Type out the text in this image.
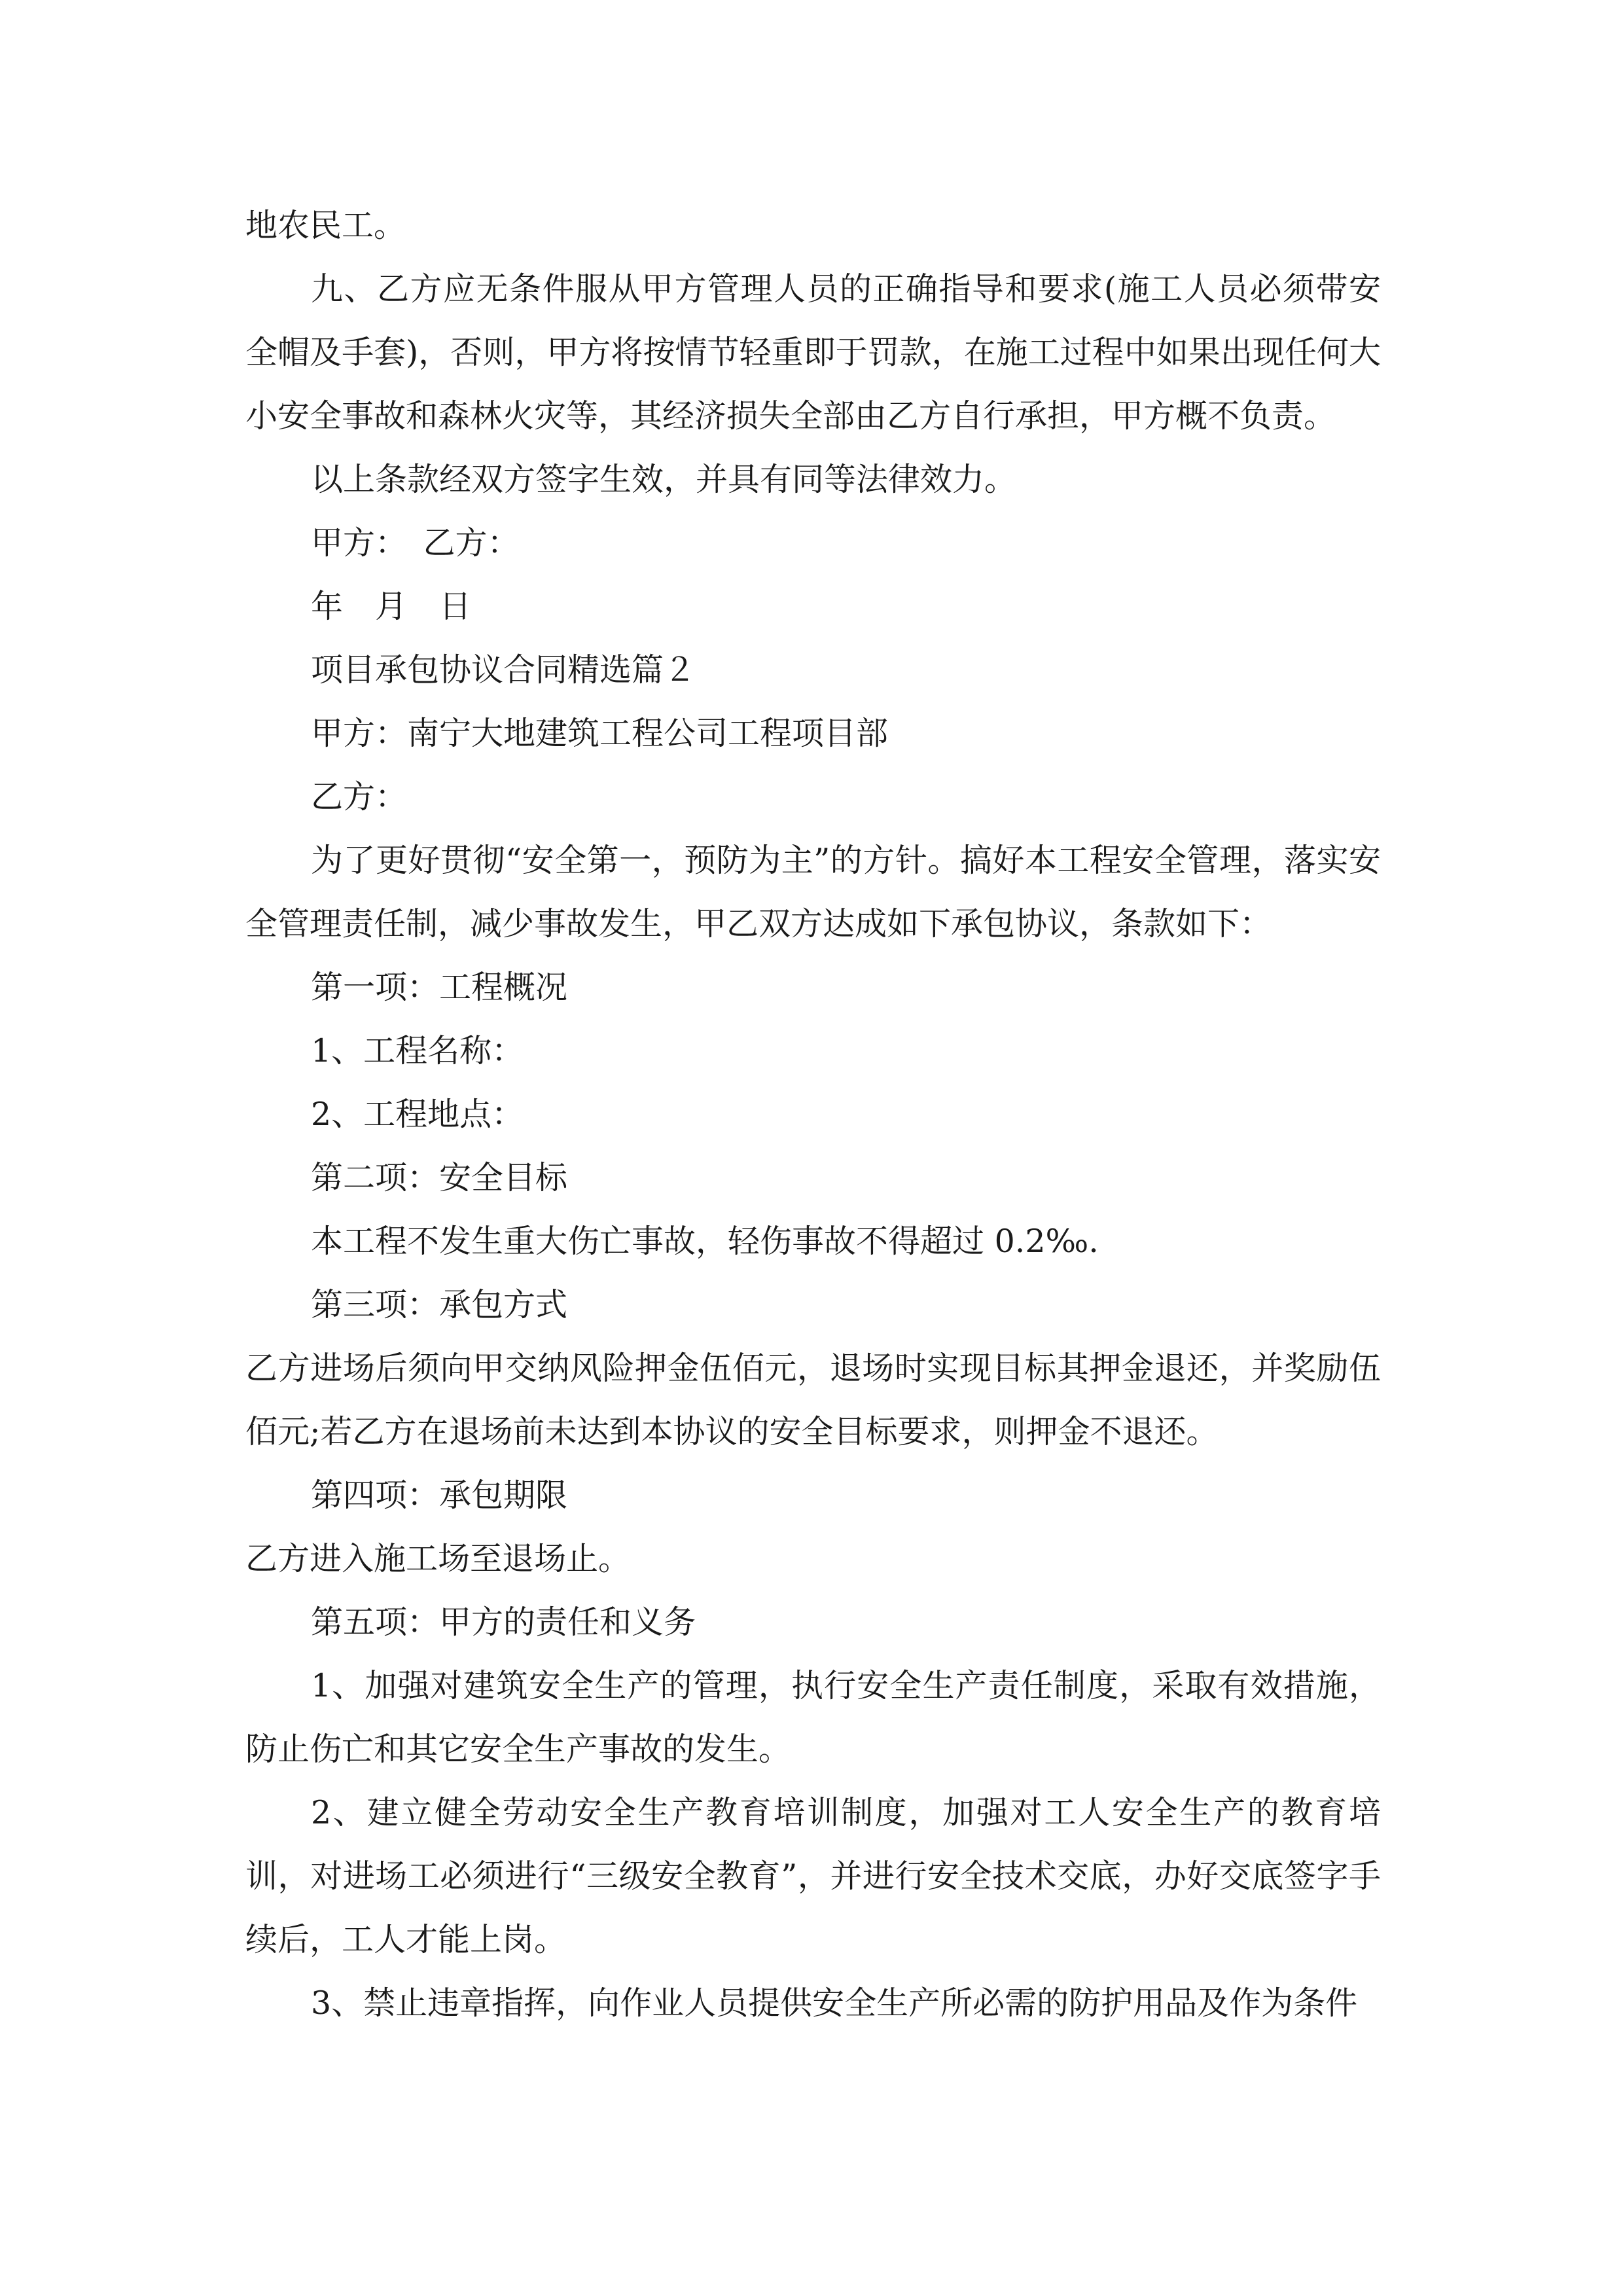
地农民工。

九、乙方应无条件服从甲方管理人员的正确指导和要求(施工人员必须带安全帽及手套)，否则，甲方将按情节轻重即于罚款，在施工过程中如果出现任何大小安全事故和森林火灾等，其经济损失全部由乙方自行承担，甲方概不负责。

以上条款经双方签字生效，并具有同等法律效力。

甲方：　乙方：

年　月　日

项目承包协议合同精选篇２

甲方：南宁大地建筑工程公司工程项目部

乙方：

为了更好贯彻“安全第一，预防为主”的方针。搞好本工程安全管理，落实安全管理责任制，减少事故发生，甲乙双方达成如下承包协议，条款如下：

第一项：工程概况

1、工程名称：

2、工程地点：

第二项：安全目标

本工程不发生重大伤亡事故，轻伤事故不得超过 0.2‰.

第三项：承包方式

乙方进场后须向甲交纳风险押金伍佰元，退场时实现目标其押金退还，并奖励伍佰元;若乙方在退场前未达到本协议的安全目标要求，则押金不退还。

第四项：承包期限

乙方进入施工场至退场止。

第五项：甲方的责任和义务

1、加强对建筑安全生产的管理，执行安全生产责任制度，采取有效措施，防止伤亡和其它安全生产事故的发生。

2、建立健全劳动安全生产教育培训制度，加强对工人安全生产的教育培训，对进场工必须进行“三级安全教育”，并进行安全技术交底，办好交底签字手续后，工人才能上岗。

3、禁止违章指挥，向作业人员提供安全生产所必需的防护用品及作为条件
